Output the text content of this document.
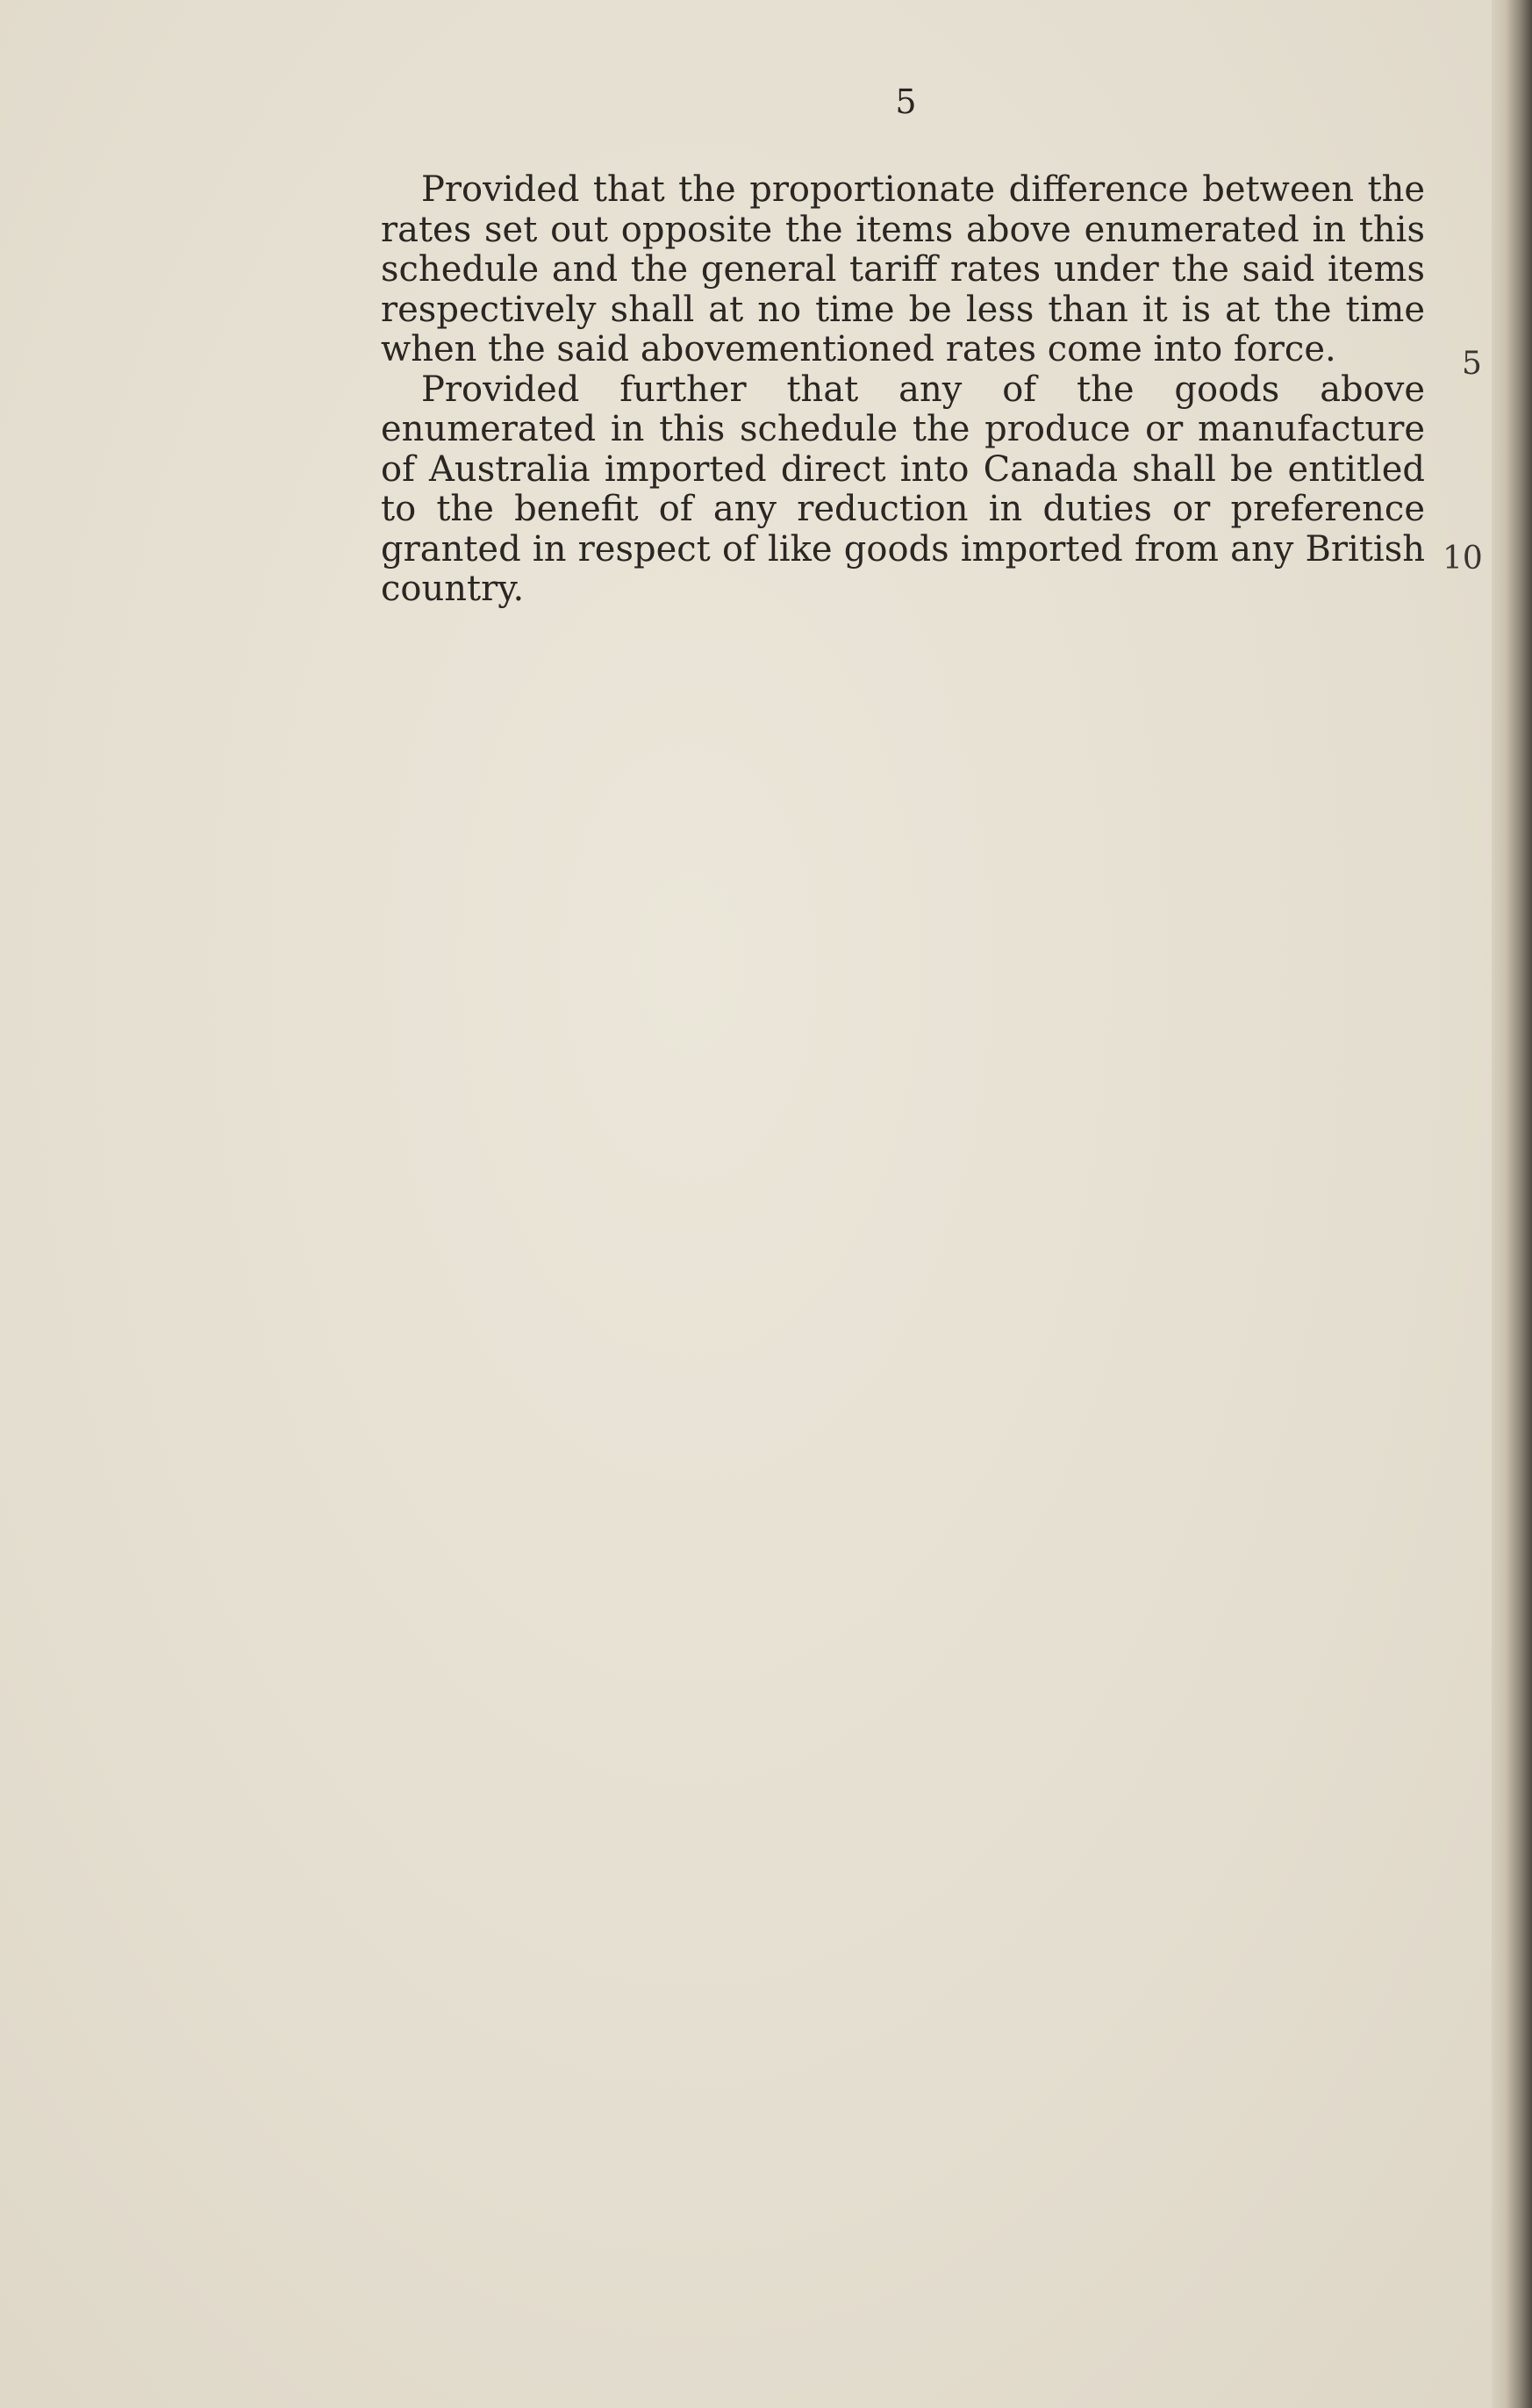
5

Provided that the proportionate difference between the rates set out opposite the items above enumerated in this schedule and the general tariff rates under the said items respectively shall at no time be less than it is at the time when the said abovementioned rates come into force.

Provided further that any of the goods above enumerated in this schedule the produce or manufacture of Australia imported direct into Canada shall be entitled to the benefit of any reduction in duties or preference granted in respect of like goods imported from any British country.

5
10
